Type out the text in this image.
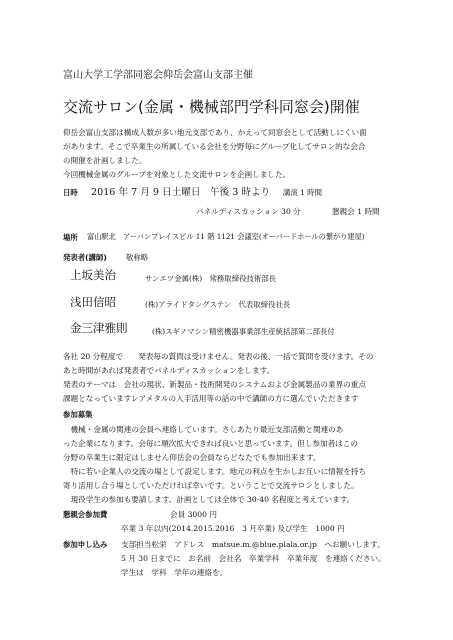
富山大学工学部同窓会仰岳会富山支部主催
交流サロン(金属・機械部門学科同窓会)開催
仰岳会富山支部は構成人数が多い地元支部であり、かえって同窓会として活動しにくい面
があります。そこで卒業生の所属している会社を分野毎にグループ化してサロン的な会合
の開催を計画しました。
今回機械金属のグループを対象とした交流サロンを企画しました。
日時 2016 年 7 月 9 日土曜日　午後 3 時より 講演 1 時間
パネルディスカッション 30 分	懇親会 1 時間
場所 富山駅北　アーバンプレイスビル 11 階 1121 会議室(オーバードホールの繋がり建屋)
発表者(講師)	敬称略
上坂美治	サンエツ金属(株)　常務取締役技術部長
浅田信昭	(株)アライドタングステン　代表取締役社長
金三津雅則	(株)スギノマシン精密機器事業部生産統括部第二部長付
各社 20 分程度で　　発表毎の質問は受けません。発表の後、一括で質問を受けます。その
あと時間があれば発表者でパネルディスカッションをします。
発表のテーマは　会社の現状、新製品・技術開発のシステムおよび金属製品の業界の重点
課題となっていますレアメタルの入手活用等の話の中で講師の方に選んでいただきます
参加募集
　機械・金属の関連の会員へ連絡しています。さしあたり最近支部活動と関連のあ
った企業になります。会毎に順次拡大できれば良いと思っています。但し参加者はこの
分野の卒業生に限定はしません仰岳会の会員ならどなたでも参加出来ます。
　特に若い企業人の交流の場として設定します。地元の利点を生かしお互いに情報を持ち
寄り活用し合う場としていただければ幸いです。ということで交流サロンとしました。
　現役学生の参加も要請します。計画としては全体で 30-40 名程度と考えています。
懇親会参加費	会員 3000 円
卒業 3 年以内(2014.2015.2016　3 月卒業) 及び学生　1000 円
参加申し込み 支部担当松栄　アドレス　matsue.m.@blue.plala.or.jp　へお願いします。
5 月 30 日までに　お名前　会社名　卒業学科　卒業年度　を連絡ください。
学生は　学科　学年の連絡を。
